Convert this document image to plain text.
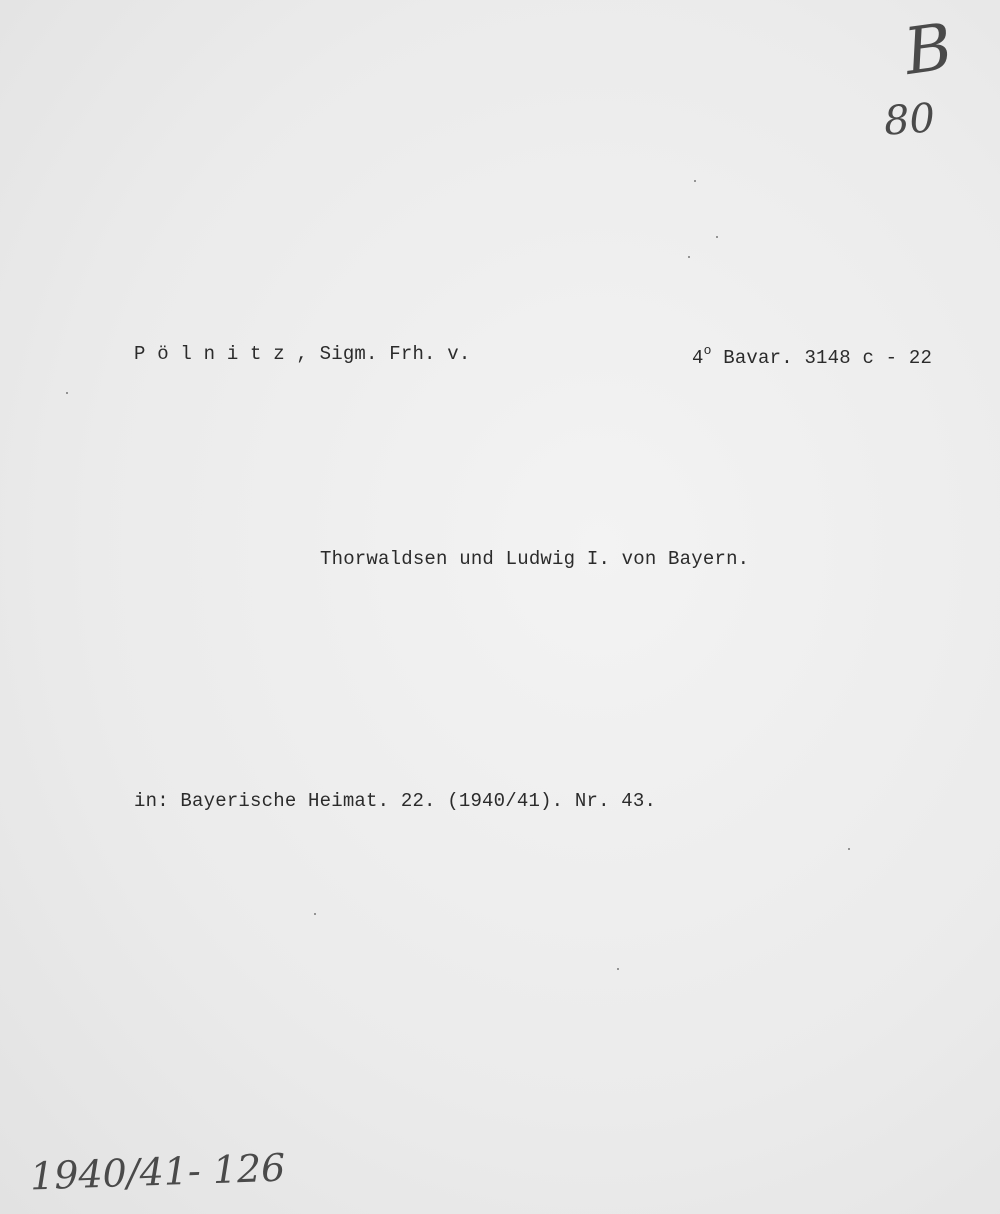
B
80
P ö l n i t z , Sigm. Frh. v.	4$^o$ Bavar. 3148 c - 22
Thorwaldsen und Ludwig I. von Bayern.
in: Bayerische Heimat. 22. (1940/41). Nr. 43.
1940/41- 126
